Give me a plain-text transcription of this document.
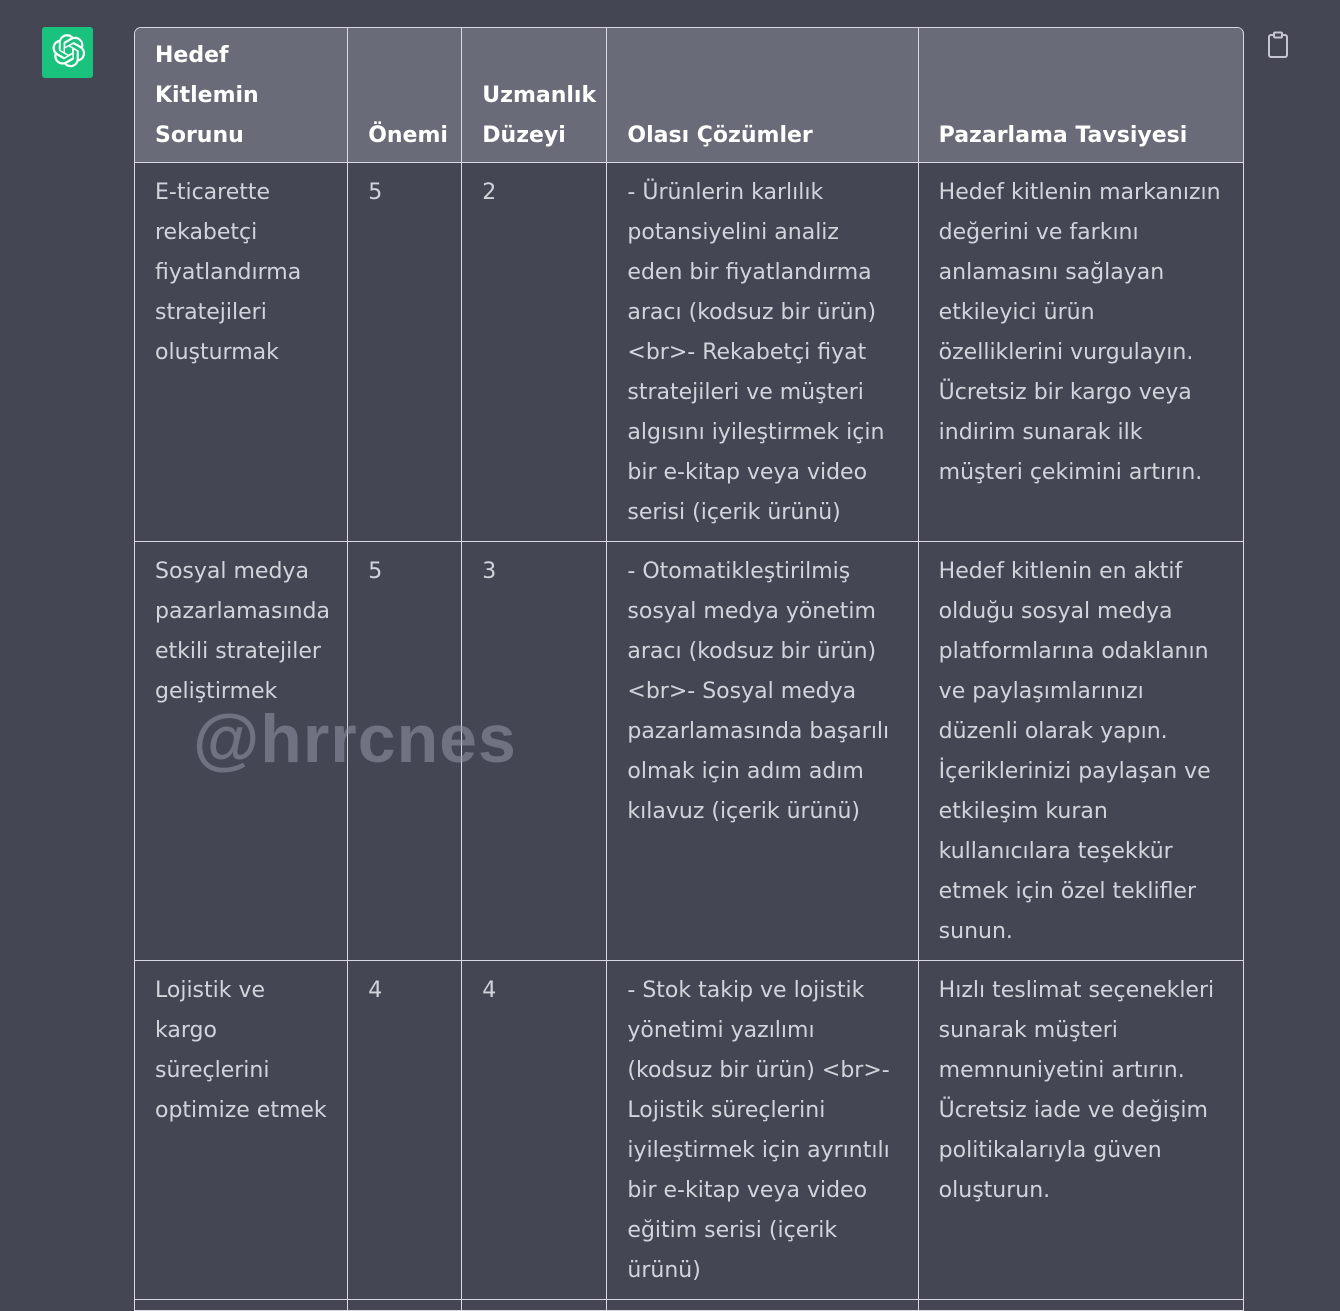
Hedef Kitlemin Sorunu	Önemi	Uzmanlık Düzeyi	Olası Çözümler	Pazarlama Tavsiyesi
E-ticarette rekabetçi fiyatlandırma stratejileri oluşturmak	5	2	- Ürünlerin karlılık potansiyelini analiz eden bir fiyatlandırma aracı (kodsuz bir ürün) <br>- Rekabetçi fiyat stratejileri ve müşteri algısını iyileştirmek için bir e-kitap veya video serisi (içerik ürünü)	Hedef kitlenin markanızın değerini ve farkını anlamasını sağlayan etkileyici ürün özelliklerini vurgulayın. Ücretsiz bir kargo veya indirim sunarak ilk müşteri çekimini artırın.
Sosyal medya pazarlamasında etkili stratejiler geliştirmek	5	3	- Otomatikleştirilmiş sosyal medya yönetim aracı (kodsuz bir ürün) <br>- Sosyal medya pazarlamasında başarılı olmak için adım adım kılavuz (içerik ürünü)	Hedef kitlenin en aktif olduğu sosyal medya platformlarına odaklanın ve paylaşımlarınızı düzenli olarak yapın. İçeriklerinizi paylaşan ve etkileşim kuran kullanıcılara teşekkür etmek için özel teklifler sunun.
Lojistik ve kargo süreçlerini optimize etmek	4	4	- Stok takip ve lojistik yönetimi yazılımı (kodsuz bir ürün) <br>- Lojistik süreçlerini iyileştirmek için ayrıntılı bir e-kitap veya video eğitim serisi (içerik ürünü)	Hızlı teslimat seçenekleri sunarak müşteri memnuniyetini artırın. Ücretsiz iade ve değişim politikalarıyla güven oluşturun.

@hrrcnes
